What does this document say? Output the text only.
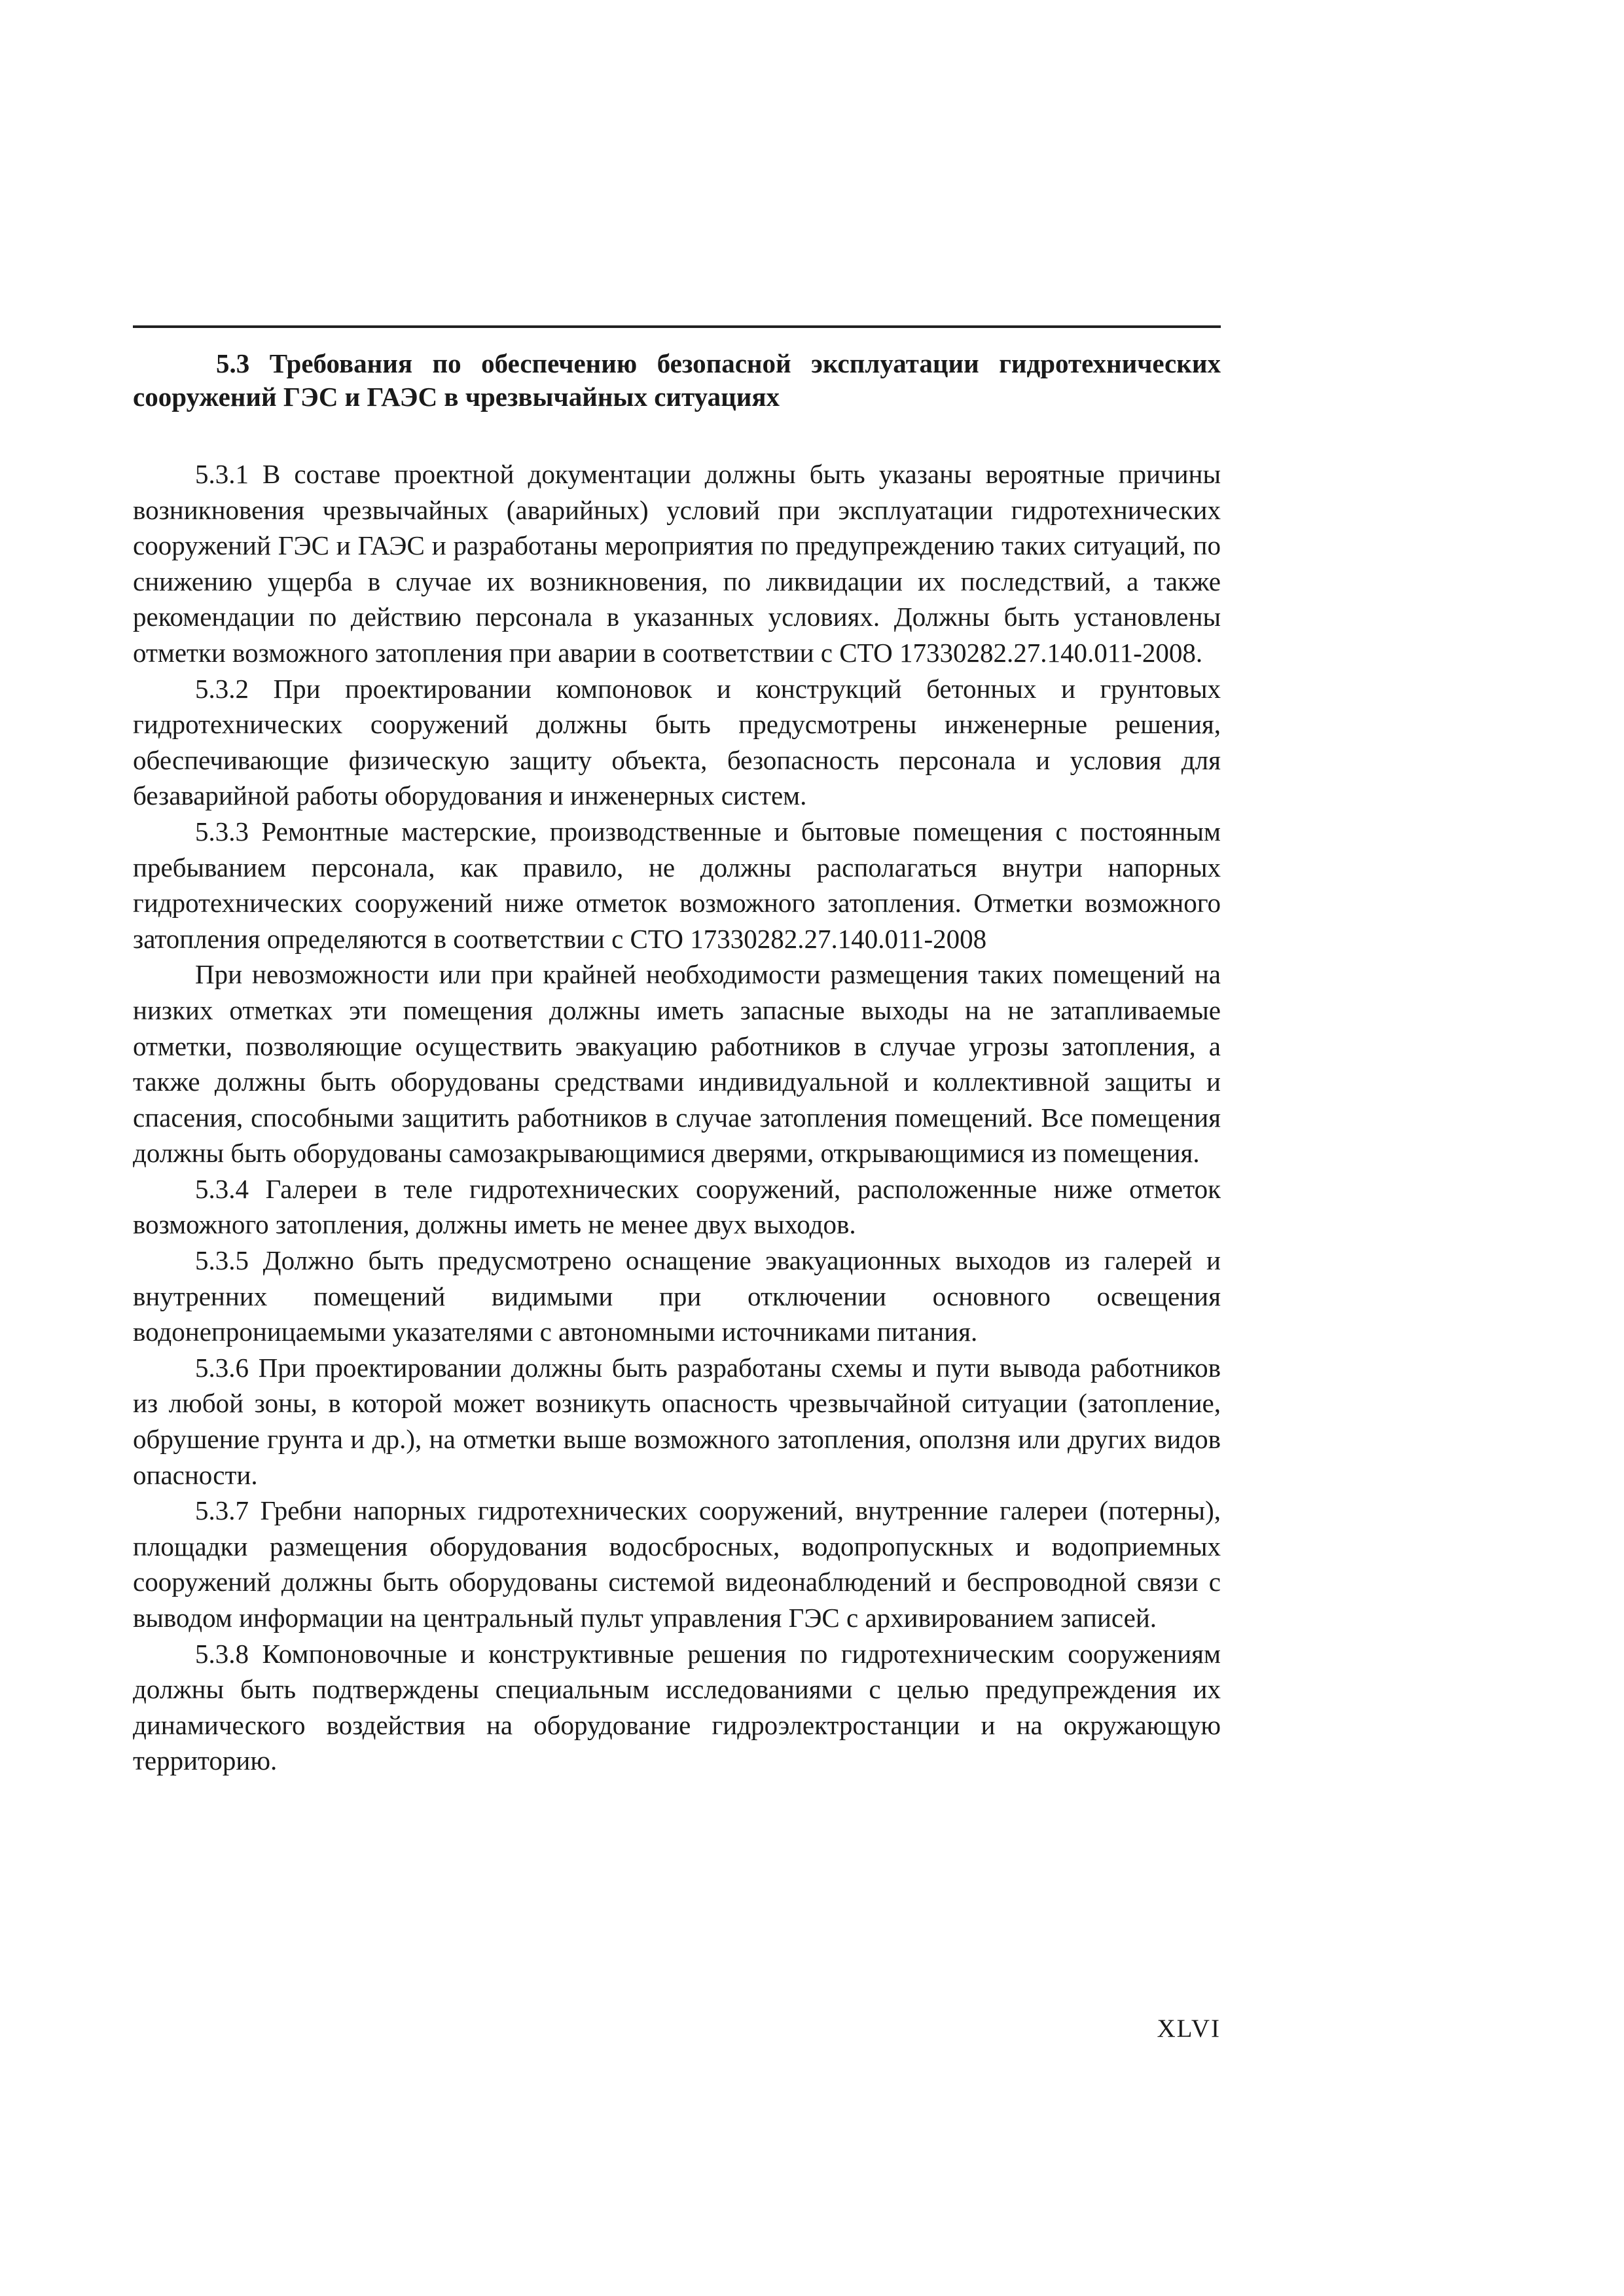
5.3 Требования по обеспечению безопасной эксплуатации гидротехнических сооружений ГЭС и ГАЭС в чрезвычайных ситуациях

5.3.1 В составе проектной документации должны быть указаны вероятные причины возникновения чрезвычайных (аварийных) условий при эксплуатации гидротехнических сооружений ГЭС и ГАЭС и разработаны мероприятия по предупреждению таких ситуаций, по снижению ущерба в случае их возникновения, по ликвидации их последствий, а также рекомендации по действию персонала в указанных условиях. Должны быть установлены отметки возможного затопления при аварии в соответствии с СТО 17330282.27.140.011-2008.

5.3.2 При проектировании компоновок и конструкций бетонных и грунтовых гидротехнических сооружений должны быть предусмотрены инженерные решения, обеспечивающие физическую защиту объекта, безопасность персонала и условия для безаварийной работы оборудования и инженерных систем.

5.3.3 Ремонтные мастерские, производственные и бытовые помещения с постоянным пребыванием персонала, как правило, не должны располагаться внутри напорных гидротехнических сооружений ниже отметок возможного затопления. Отметки возможного затопления определяются в соответствии с СТО 17330282.27.140.011-2008

При невозможности или при крайней необходимости размещения таких помещений на низких отметках эти помещения должны иметь запасные выходы на не затапливаемые отметки, позволяющие осуществить эвакуацию работников в случае угрозы затопления, а также должны быть оборудованы средствами индивидуальной и коллективной защиты и спасения, способными защитить работников в случае затопления помещений. Все помещения должны быть оборудованы самозакрывающимися дверями, открывающимися из помещения.

5.3.4 Галереи в теле гидротехнических сооружений, расположенные ниже отметок возможного затопления, должны иметь не менее двух выходов.

5.3.5 Должно быть предусмотрено оснащение эвакуационных выходов из галерей и внутренних помещений видимыми при отключении основного освещения водонепроницаемыми указателями с автономными источниками питания.

5.3.6 При проектировании должны быть разработаны схемы и пути вывода работников из любой зоны, в которой может возникуть опасность чрезвычайной ситуации (затопление, обрушение грунта и др.), на отметки выше возможного затопления, оползня или других видов опасности.

5.3.7 Гребни напорных гидротехнических сооружений, внутренние галереи (потерны), площадки размещения оборудования водосбросных, водопропускных и водоприемных сооружений должны быть оборудованы системой видеонаблюдений и беспроводной связи с выводом информации на центральный пульт управления ГЭС с архивированием записей.

5.3.8 Компоновочные и конструктивные решения по гидротехническим сооружениям должны быть подтверждены специальным исследованиями с целью предупреждения их динамического воздействия на оборудование гидроэлектростанции и на окружающую территорию.

XLVI
